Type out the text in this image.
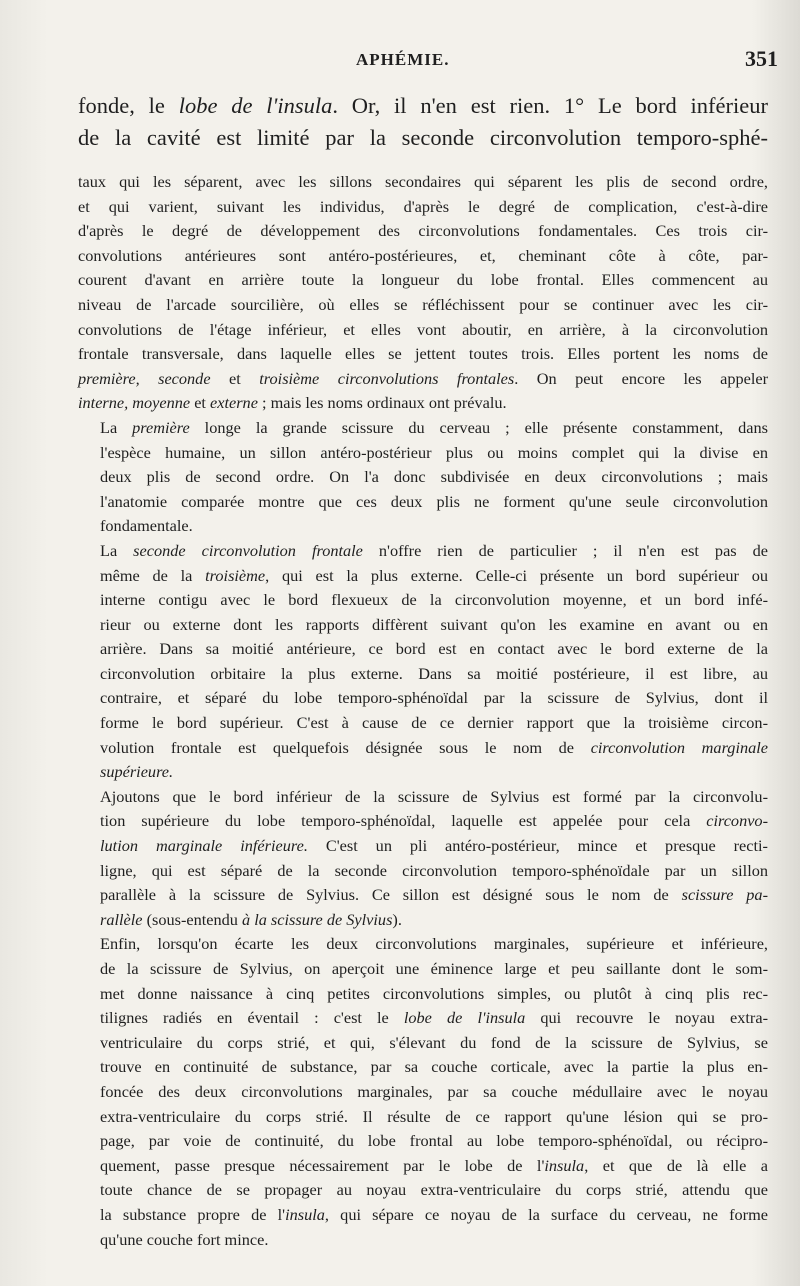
APHÉMIE.	351
fonde, le lobe de l'insula. Or, il n'en est rien. 1° Le bord inférieur
de la cavité est limité par la seconde circonvolution temporo-sphé-

taux qui les séparent, avec les sillons secondaires qui séparent les plis de second ordre,
et qui varient, suivant les individus, d'après le degré de complication, c'est-à-dire
d'après le degré de développement des circonvolutions fondamentales. Ces trois cir-
convolutions antérieures sont antéro-postérieures, et, cheminant côte à côte, par-
courent d'avant en arrière toute la longueur du lobe frontal. Elles commencent au
niveau de l'arcade sourcilière, où elles se réfléchissent pour se continuer avec les cir-
convolutions de l'étage inférieur, et elles vont aboutir, en arrière, à la circonvolution
frontale transversale, dans laquelle elles se jettent toutes trois. Elles portent les noms de
première, seconde et troisième circonvolutions frontales. On peut encore les appeler
interne, moyenne et externe ; mais les noms ordinaux ont prévalu.

La première longe la grande scissure du cerveau ; elle présente constamment, dans
l'espèce humaine, un sillon antéro-postérieur plus ou moins complet qui la divise en
deux plis de second ordre. On l'a donc subdivisée en deux circonvolutions ; mais
l'anatomie comparée montre que ces deux plis ne forment qu'une seule circonvolution
fondamentale.

La seconde circonvolution frontale n'offre rien de particulier ; il n'en est pas de
même de la troisième, qui est la plus externe. Celle-ci présente un bord supérieur ou
interne contigu avec le bord flexueux de la circonvolution moyenne, et un bord infé-
rieur ou externe dont les rapports diffèrent suivant qu'on les examine en avant ou en
arrière. Dans sa moitié antérieure, ce bord est en contact avec le bord externe de la
circonvolution orbitaire la plus externe. Dans sa moitié postérieure, il est libre, au
contraire, et séparé du lobe temporo-sphénoïdal par la scissure de Sylvius, dont il
forme le bord supérieur. C'est à cause de ce dernier rapport que la troisième circon-
volution frontale est quelquefois désignée sous le nom de circonvolution marginale
supérieure.

Ajoutons que le bord inférieur de la scissure de Sylvius est formé par la circonvolu-
tion supérieure du lobe temporo-sphénoïdal, laquelle est appelée pour cela circonvo-
lution marginale inférieure. C'est un pli antéro-postérieur, mince et presque recti-
ligne, qui est séparé de la seconde circonvolution temporo-sphénoïdale par un sillon
parallèle à la scissure de Sylvius. Ce sillon est désigné sous le nom de scissure pa-
rallèle (sous-entendu à la scissure de Sylvius).

Enfin, lorsqu'on écarte les deux circonvolutions marginales, supérieure et inférieure,
de la scissure de Sylvius, on aperçoit une éminence large et peu saillante dont le som-
met donne naissance à cinq petites circonvolutions simples, ou plutôt à cinq plis rec-
tilignes radiés en éventail : c'est le lobe de l'insula qui recouvre le noyau extra-
ventriculaire du corps strié, et qui, s'élevant du fond de la scissure de Sylvius, se
trouve en continuité de substance, par sa couche corticale, avec la partie la plus en-
foncée des deux circonvolutions marginales, par sa couche médullaire avec le noyau
extra-ventriculaire du corps strié. Il résulte de ce rapport qu'une lésion qui se pro-
page, par voie de continuité, du lobe frontal au lobe temporo-sphénoïdal, ou récipro-
quement, passe presque nécessairement par le lobe de l'insula, et que de là elle a
toute chance de se propager au noyau extra-ventriculaire du corps strié, attendu que
la substance propre de l'insula, qui sépare ce noyau de la surface du cerveau, ne forme
qu'une couche fort mince.
